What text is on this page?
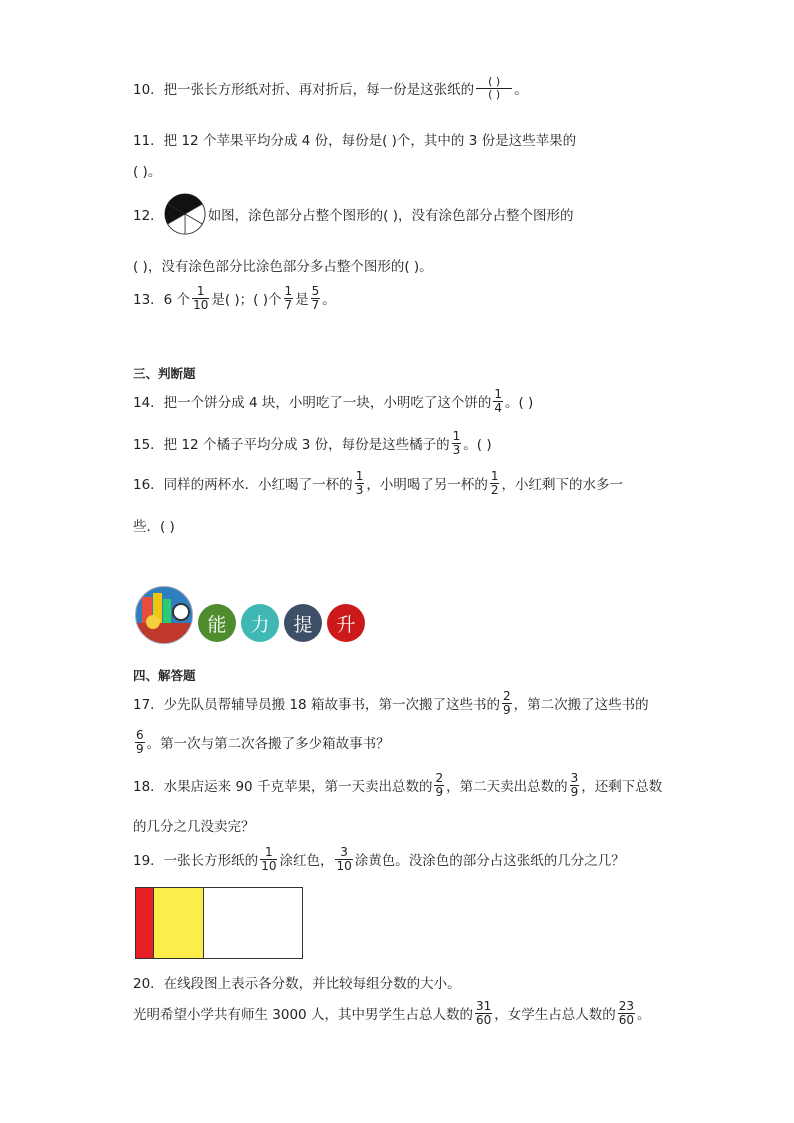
10．把一张长方形纸对折、再对折后，每一份是这张纸的 $\frac{( )}{( )}$ 。
11．把 12 个苹果平均分成 4 份，每份是( )个，其中的 3 份是这些苹果的
( )。
12．	如图，涂色部分占整个图形的( )，没有涂色部分占整个图形的
( )，没有涂色部分比涂色部分多占整个图形的( )。
13．6 个 $\frac{1}{10}$ 是( )；( )个 $\frac{1}{7}$ 是 $\frac{5}{7}$ 。
三、判断题
14．把一个饼分成 4 块，小明吃了一块，小明吃了这个饼的 $\frac{1}{4}$ 。( )
15．把 12 个橘子平均分成 3 份，每份是这些橘子的 $\frac{1}{3}$ 。( )
16．同样的两杯水．小红喝了一杯的 $\frac{1}{3}$ ，小明喝了另一杯的 $\frac{1}{2}$ ，小红剩下的水多一
些．( )
能	力	提	升
四、解答题
17．少先队员帮辅导员搬 18 箱故事书，第一次搬了这些书的 $\frac{2}{9}$ ，第二次搬了这些书的
$\frac{6}{9}$ 。第一次与第二次各搬了多少箱故事书？
18．水果店运来 90 千克苹果，第一天卖出总数的 $\frac{2}{9}$ ，第二天卖出总数的 $\frac{3}{9}$ ，还剩下总数
的几分之几没卖完？
19．一张长方形纸的 $\frac{1}{10}$ 涂红色， $\frac{3}{10}$ 涂黄色。没涂色的部分占这张纸的几分之几？
20．在线段图上表示各分数，并比较每组分数的大小。
光明希望小学共有师生 3000 人，其中男学生占总人数的 $\frac{31}{60}$ ，女学生占总人数的 $\frac{23}{60}$ 。
